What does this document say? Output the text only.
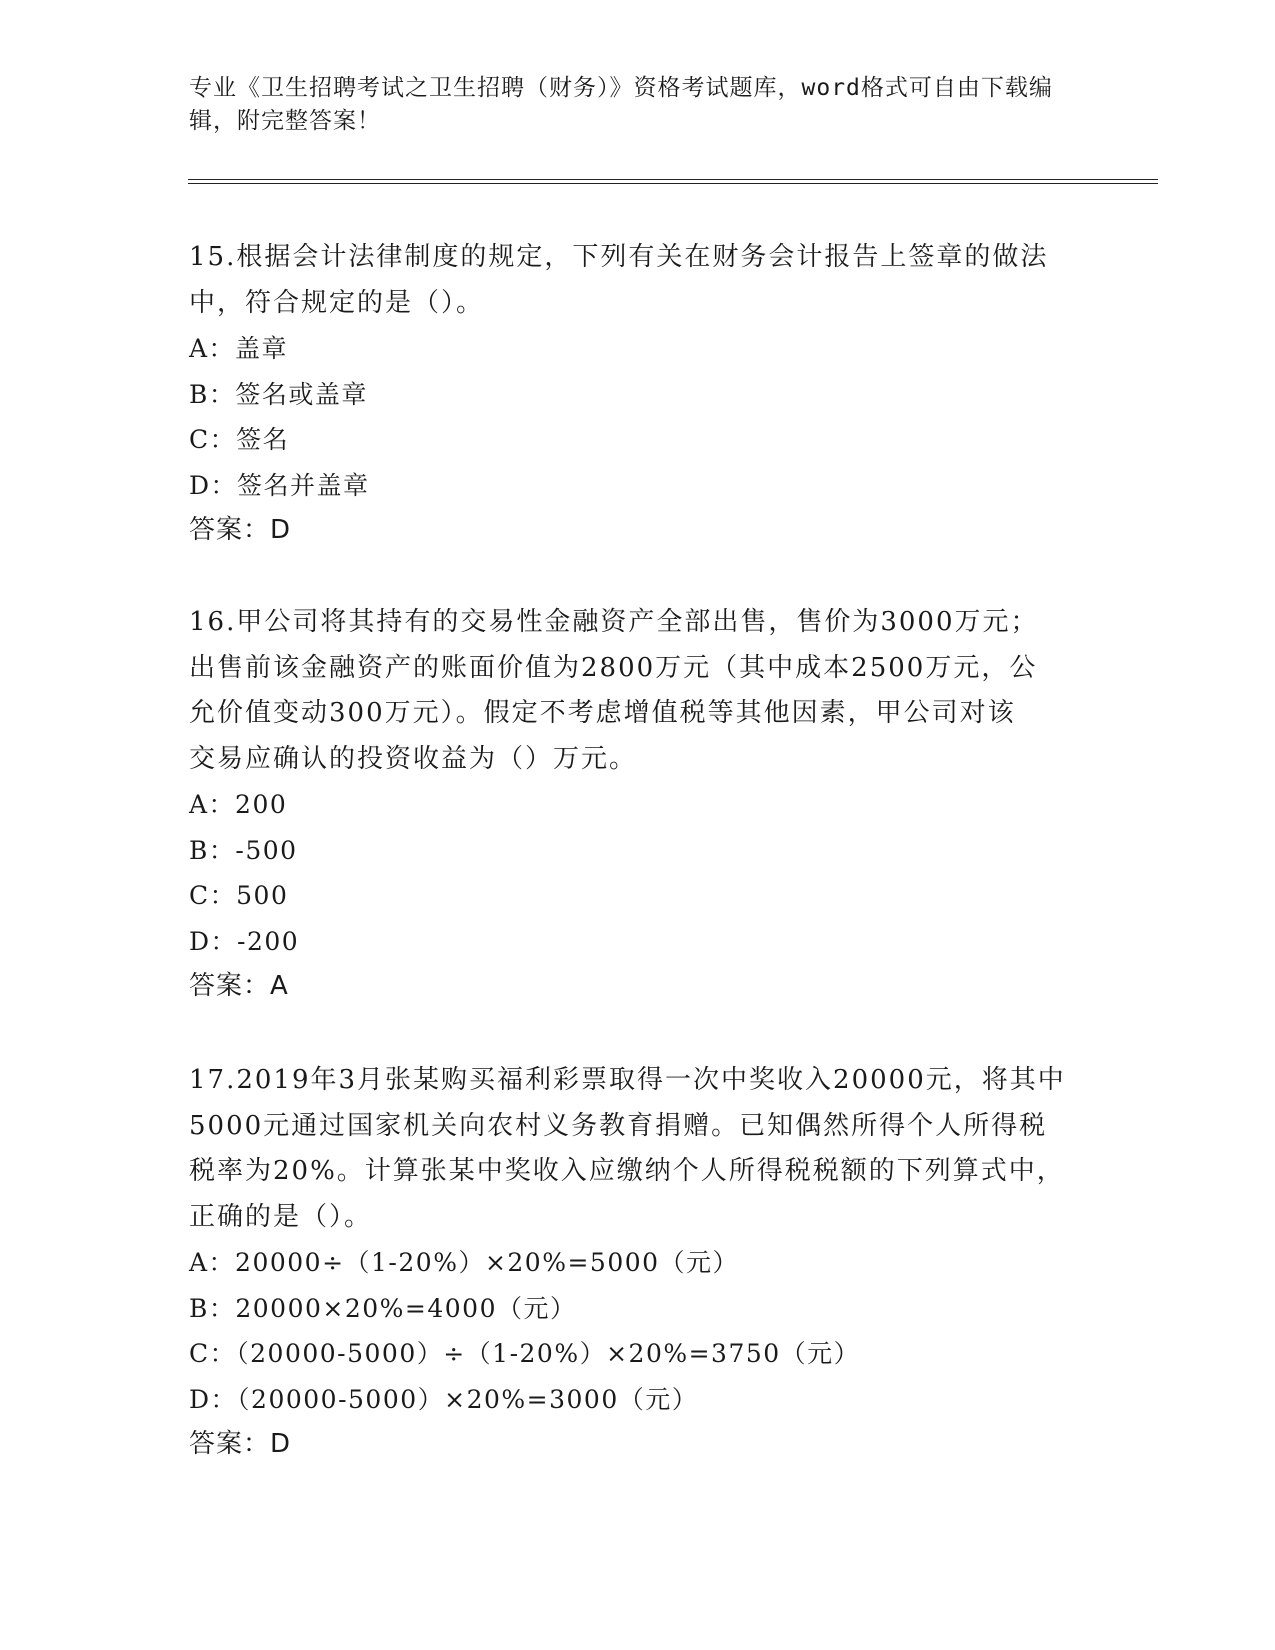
专业《卫生招聘考试之卫生招聘（财务）》资格考试题库，word格式可自由下载编辑，附完整答案！
15.根据会计法律制度的规定，下列有关在财务会计报告上签章的做法
中，符合规定的是（）。
A：盖章
B：签名或盖章
C：签名
D：签名并盖章
答案：D
16.甲公司将其持有的交易性金融资产全部出售，售价为3000万元；
出售前该金融资产的账面价值为2800万元（其中成本2500万元，公
允价值变动300万元）。假定不考虑增值税等其他因素，甲公司对该
交易应确认的投资收益为（）万元。
A：200
B：-500
C：500
D：-200
答案：A
17.2019年3月张某购买福利彩票取得一次中奖收入20000元，将其中
5000元通过国家机关向农村义务教育捐赠。已知偶然所得个人所得税
税率为20%。计算张某中奖收入应缴纳个人所得税税额的下列算式中，
正确的是（）。
A：20000÷（1-20%）×20%=5000（元）
B：20000×20%=4000（元）
C：（20000-5000）÷（1-20%）×20%=3750（元）
D：（20000-5000）×20%=3000（元）
答案：D
